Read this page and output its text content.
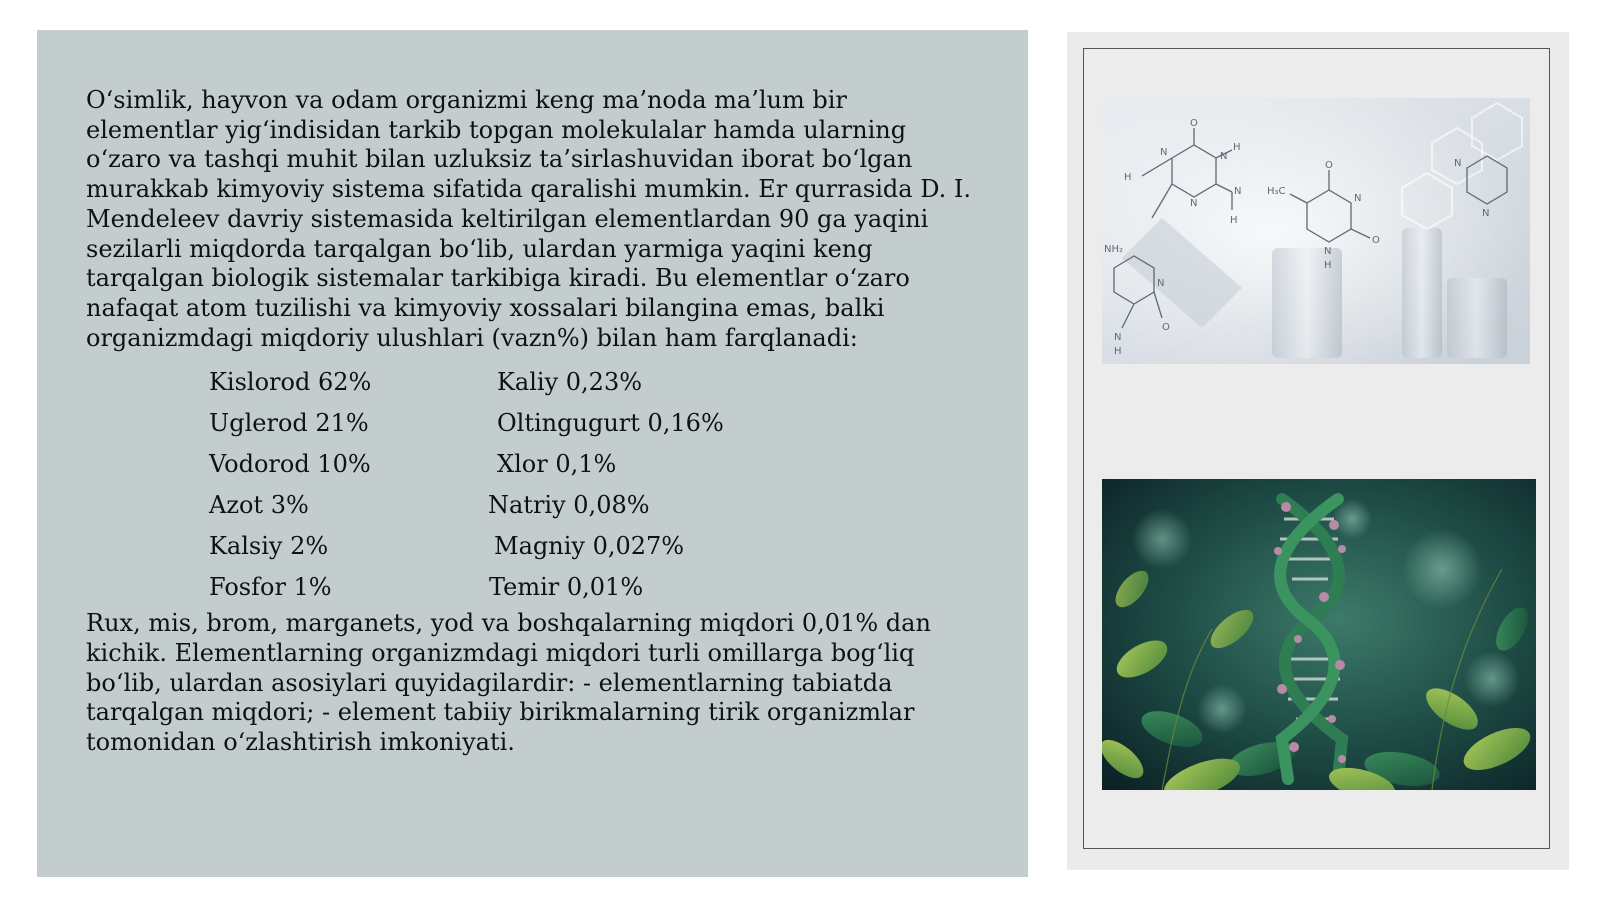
O‘simlik, hayvon va odam organizmi keng ma’noda ma’lum bir elementlar yig‘indisidan tarkib topgan molekulalar hamda ularning o‘zaro va tashqi muhit bilan uzluksiz ta’sirlashuvidan iborat bo‘lgan murakkab kimyoviy sistema sifatida qaralishi mumkin. Er qurrasida D. I. Mendeleev davriy sistemasida keltirilgan elementlardan 90 ga yaqini sezilarli miqdorda tarqalgan bo‘lib, ulardan yarmiga yaqini keng tarqalgan biologik sistemalar tarkibiga kiradi. Bu elementlar o‘zaro nafaqat atom tuzilishi va kimyoviy xossalari bilangina emas, balki organizmdagi miqdoriy ulushlari (vazn%) bilan ham farqlanadi:

Kislorod 62%
Uglerod 21%
Vodorod 10%
Azot 3%
Kalsiy 2%
Fosfor 1%
Kaliy 0,23%
Oltingugurt 0,16%
Xlor 0,1%
Natriy 0,08%
Magniy 0,027%
Temir 0,01%

Rux, mis, brom, marganets, yod va boshqalarning miqdori 0,01% dan kichik. Elementlarning organizmdagi miqdori turli omillarga bog‘liq bo‘lib, ulardan asosiylari quyidagilardir: - elementlarning tabiatda tarqalgan miqdori; - element tabiiy birikmalarning tirik organizmlar tomonidan o‘zlashtirish imkoniyati.

O
N	N
H
N
N
H
H
O
H₃C
N
H
O
N
NH₂
N
O
N
H
N
N
